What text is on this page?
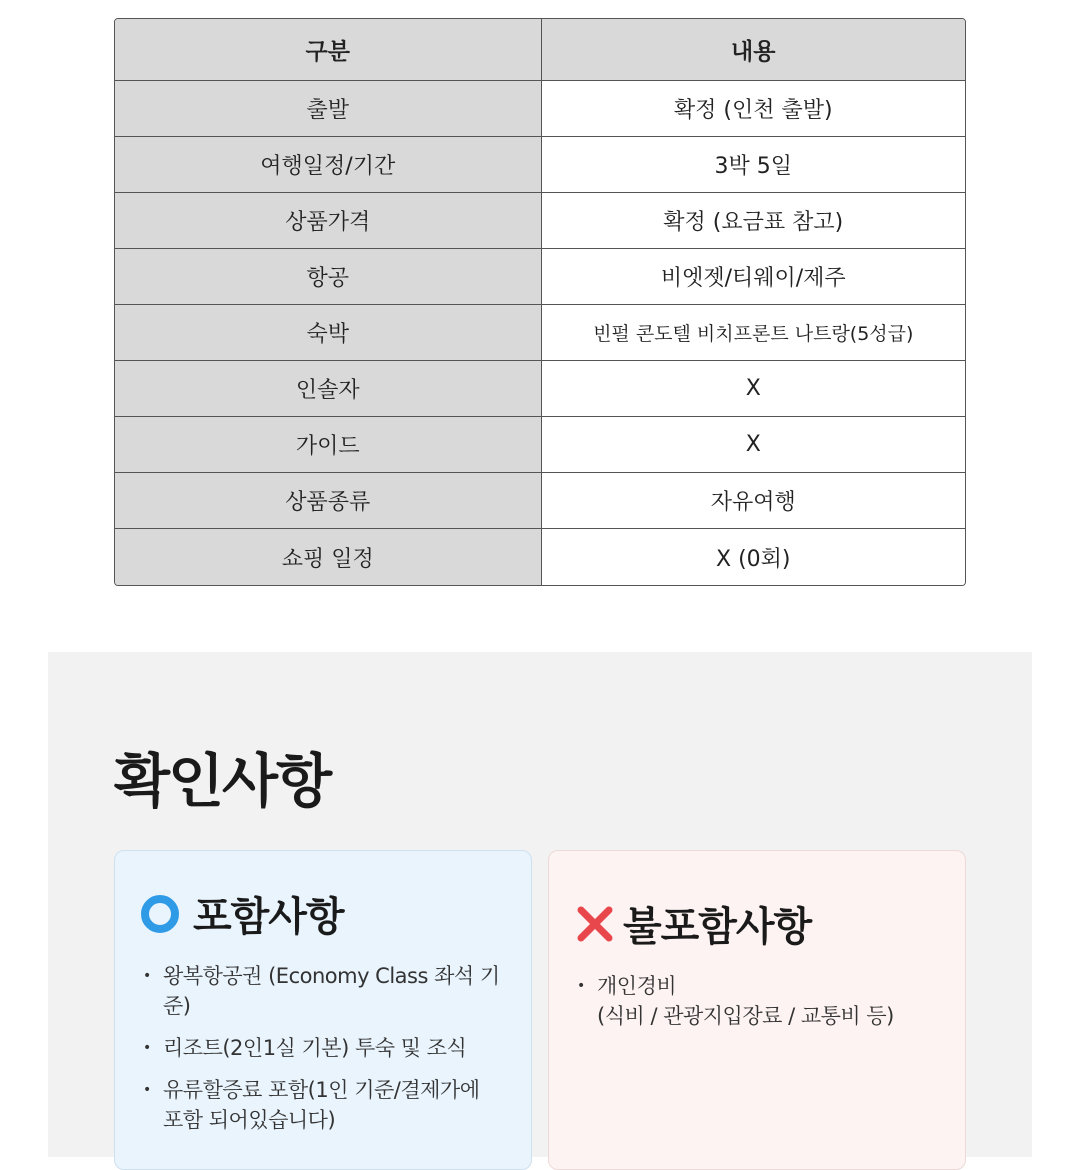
구분	내용
출발	확정 (인천 출발)
여행일정/기간	3박 5일
상품가격	확정 (요금표 참고)
항공	비엣젯/티웨이/제주
숙박	빈펄 콘도텔 비치프론트 나트랑(5성급)
인솔자	X
가이드	X
상품종류	자유여행
쇼핑 일정	X (0회)
확인사항
포함사항
• 왕복항공권 (Economy Class 좌석 기준)
• 리조트(2인1실 기본) 투숙 및 조식
• 유류할증료 포함(1인 기준/결제가에 포함 되어있습니다)
불포함사항
• 개인경비
(식비 / 관광지입장료 / 교통비 등)
